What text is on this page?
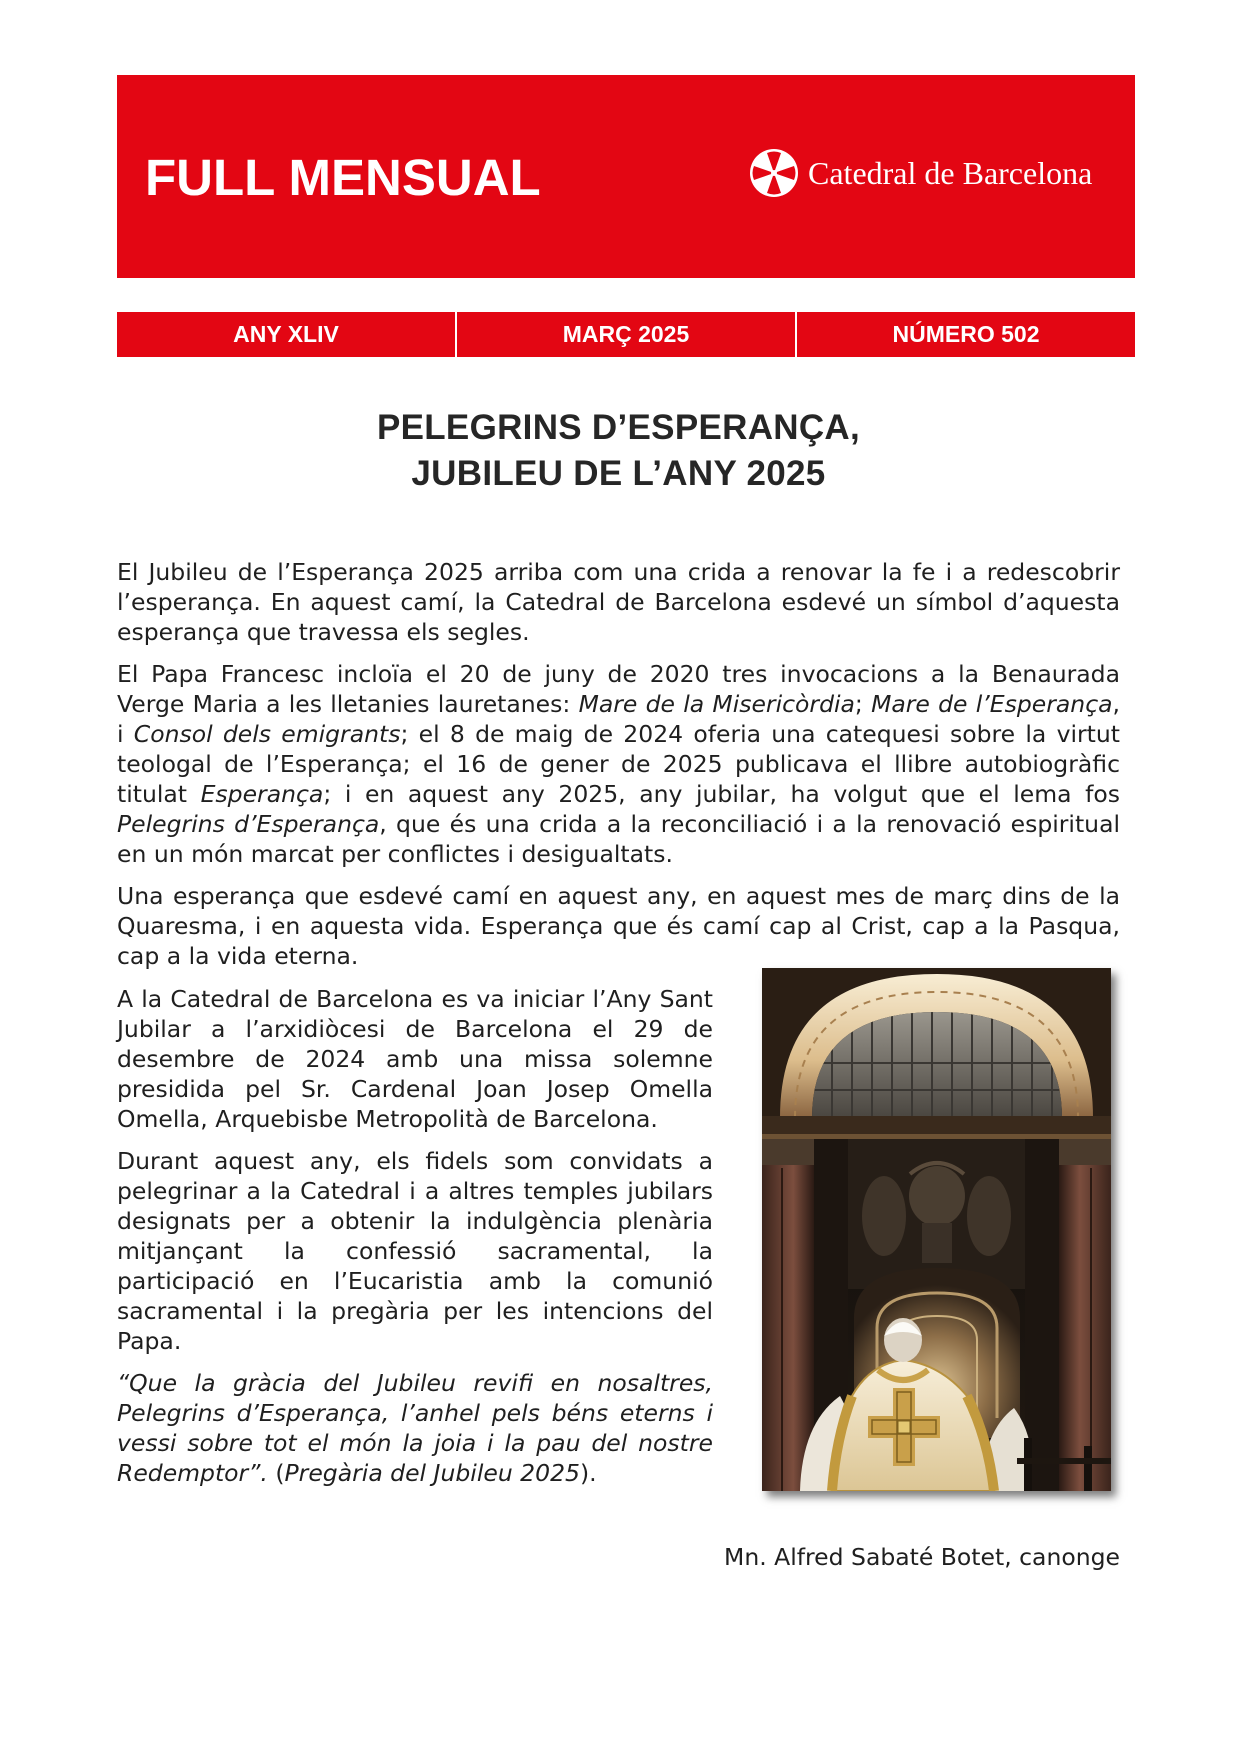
FULL MENSUAL	Catedral de Barcelona
ANY XLIV	MARÇ 2025	NÚMERO 502
PELEGRINS D’ESPERANÇA,
JUBILEU DE L’ANY 2025

El Jubileu de l’Esperança 2025 arriba com una crida a renovar la fe i a redescobrir l’esperança. En aquest camí, la Catedral de Barcelona esdevé un símbol d’aquesta esperança que travessa els segles.

El Papa Francesc incloïa el 20 de juny de 2020 tres invocacions a la Benaurada Verge Maria a les lletanies lauretanes: Mare de la Misericòrdia; Mare de l’Esperança, i Consol dels emigrants; el 8 de maig de 2024 oferia una catequesi sobre la virtut teologal de l’Esperança; el 16 de gener de 2025 publicava el llibre autobiogràfic titulat Esperança; i en aquest any 2025, any jubilar, ha volgut que el lema fos Pelegrins d’Esperança, que és una crida a la reconciliació i a la renovació espiritual en un món marcat per conflictes i desigualtats.

Una esperança que esdevé camí en aquest any, en aquest mes de març dins de la Quaresma, i en aquesta vida. Esperança que és camí cap al Crist, cap a la Pasqua, cap a la vida eterna.

A la Catedral de Barcelona es va iniciar l’Any Sant Jubilar a l’arxidiòcesi de Barcelona el 29 de desembre de 2024 amb una missa solemne presidida pel Sr. Cardenal Joan Josep Omella Omella, Arquebisbe Metropolità de Barcelona.

Durant aquest any, els fidels som convidats a pelegrinar a la Catedral i a altres temples jubilars designats per a obtenir la indulgència plenària mitjançant la confessió sacramental, la participació en l’Eucaristia amb la comunió sacramental i la pregària per les intencions del Papa.

“Que la gràcia del Jubileu revifi en nosaltres, Pelegrins d’Esperança, l’anhel pels béns eterns i vessi sobre tot el món la joia i la pau del nostre Redemptor”. (Pregària del Jubileu 2025).

Mn. Alfred Sabaté Botet, canonge
